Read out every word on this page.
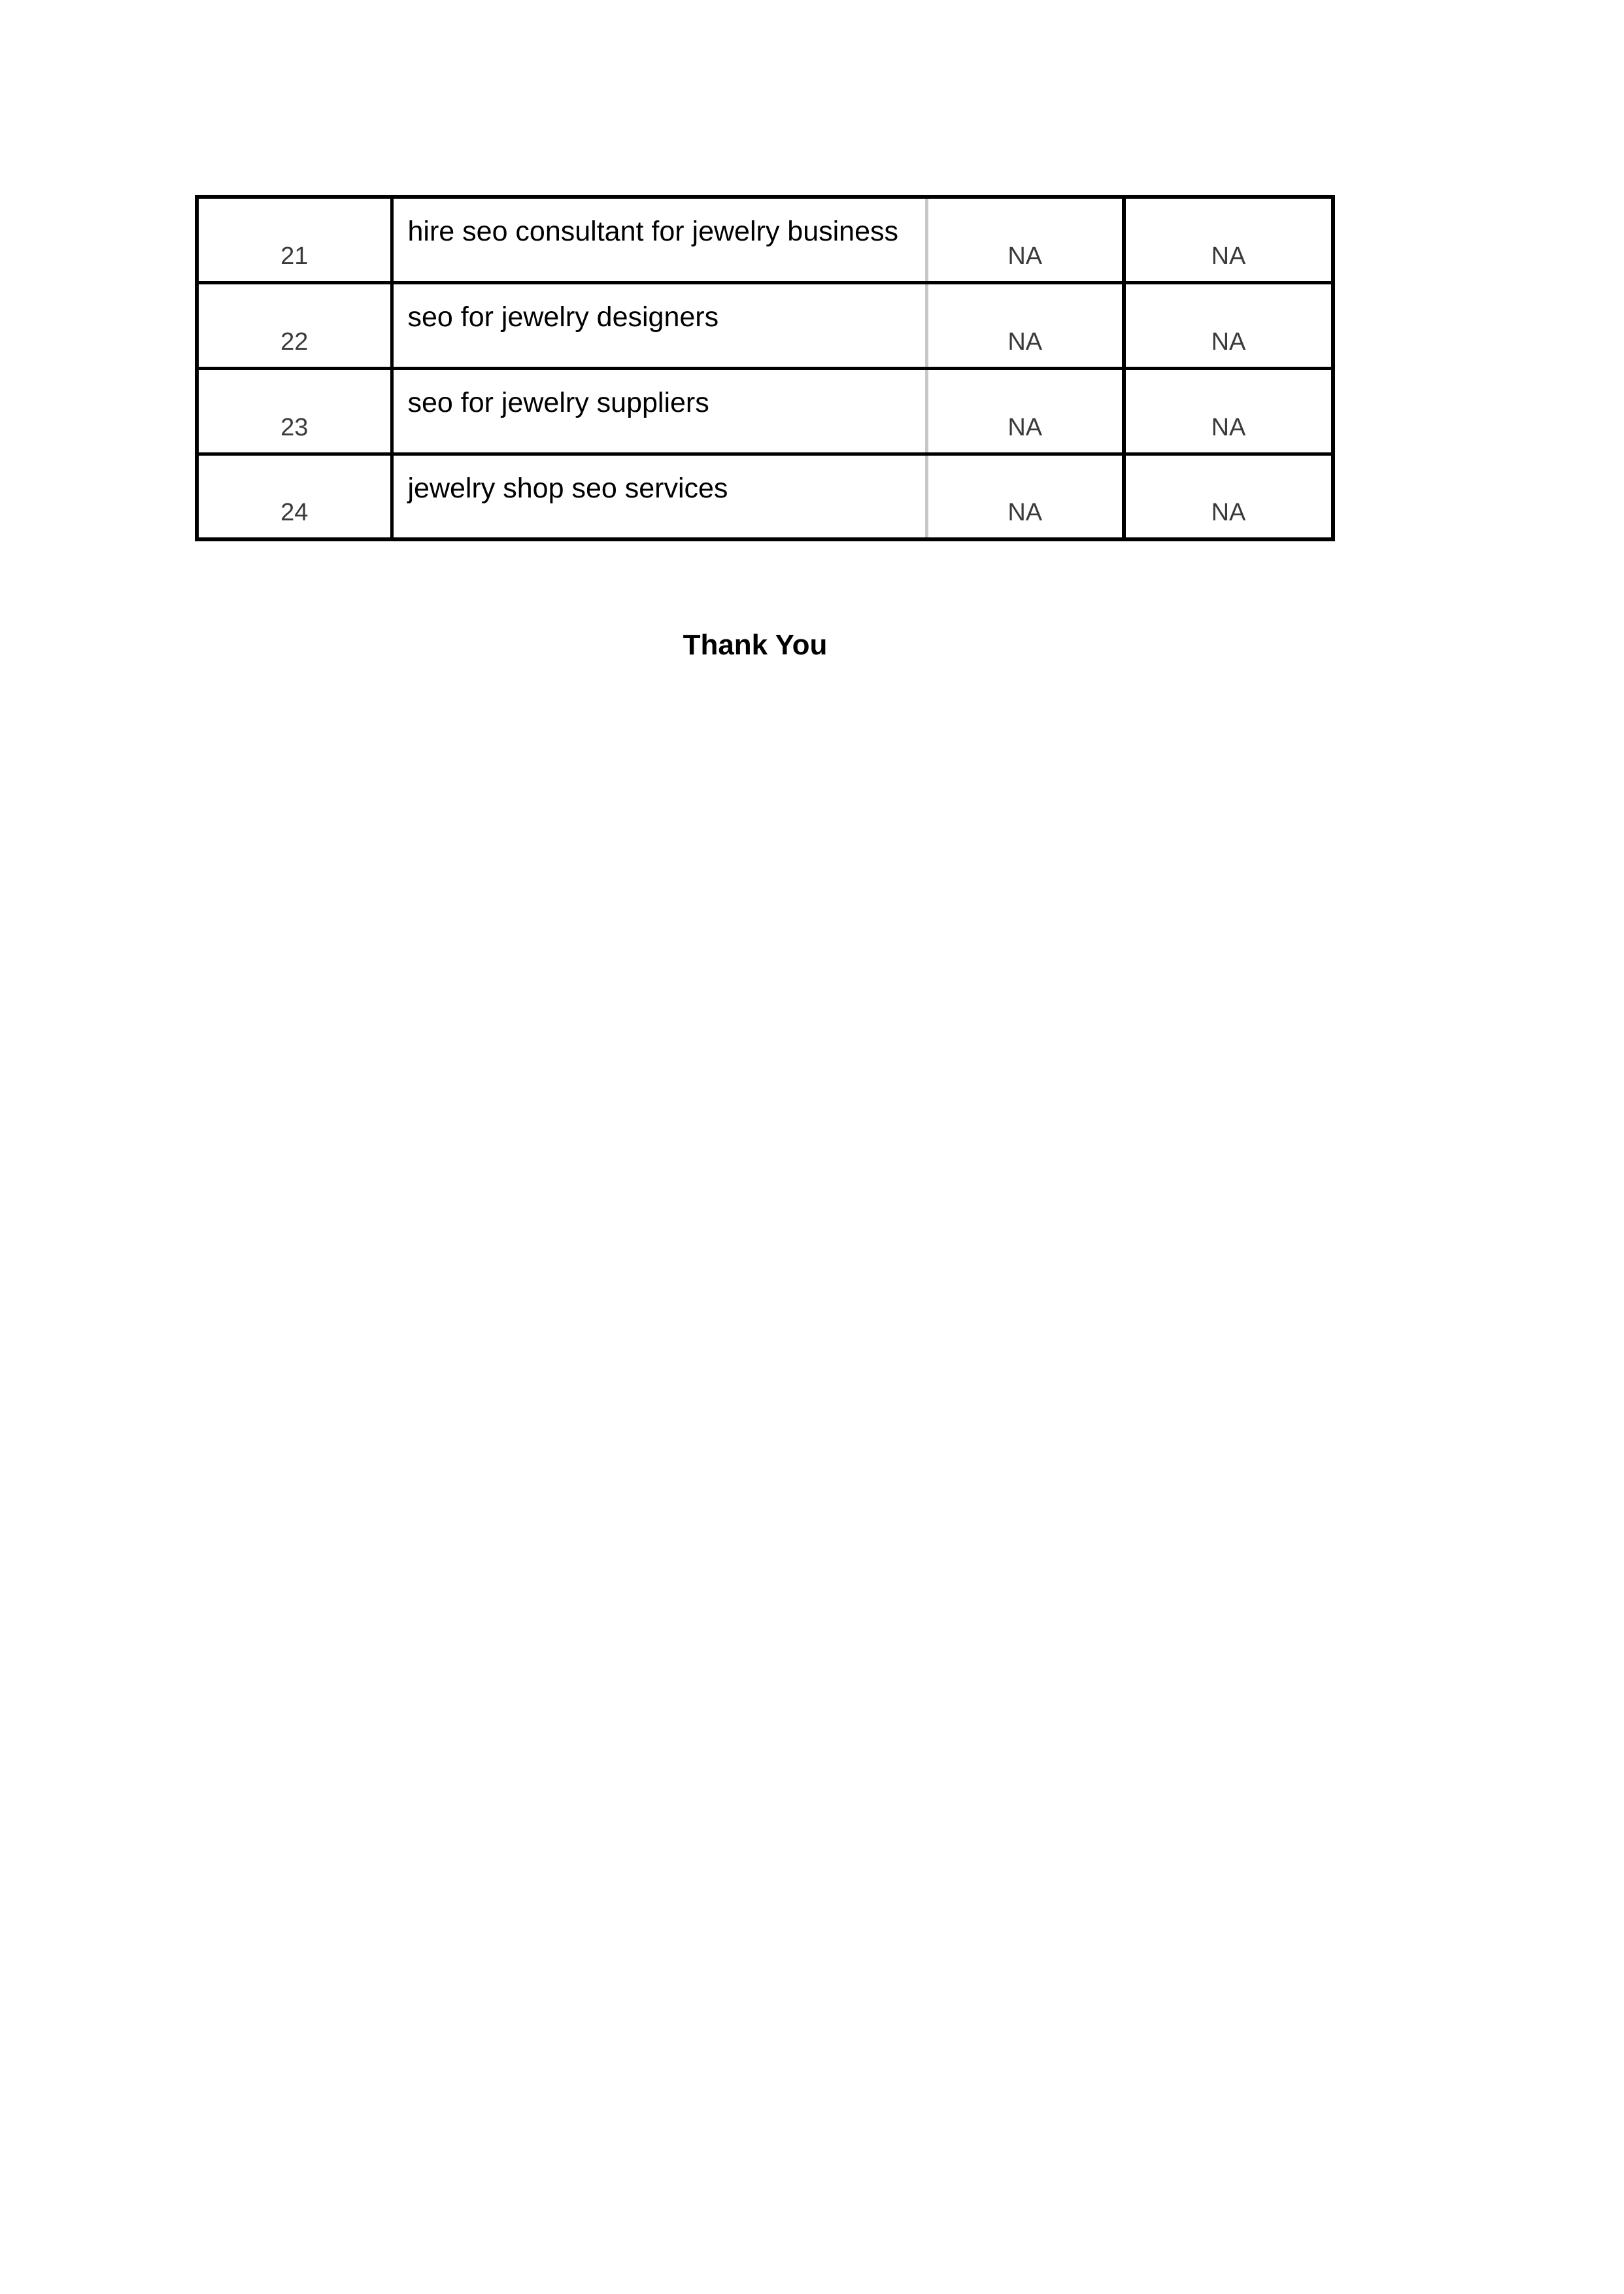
21	hire seo consultant for jewelry business	NA	NA
22	seo for jewelry designers	NA	NA
23	seo for jewelry suppliers	NA	NA
24	jewelry shop seo services	NA	NA
Thank You
